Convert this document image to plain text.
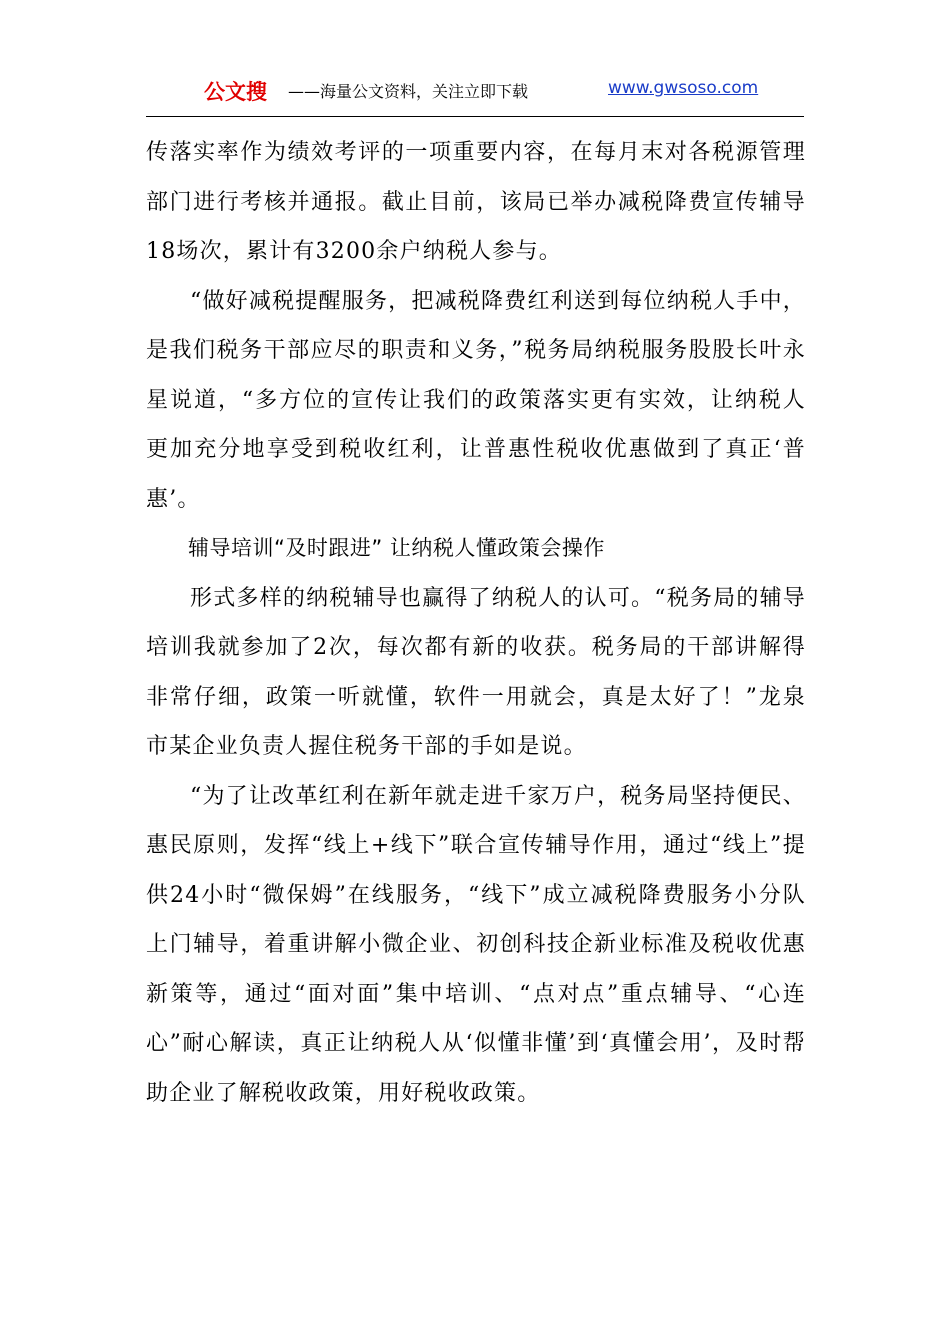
公文搜 ——海量公文资料，关注立即下载	www.gwsoso.com

传落实率作为绩效考评的一项重要内容，在每月末对各税源管理部门进行考核并通报。截止目前，该局已举办减税降费宣传辅导18场次，累计有3200余户纳税人参与。

“做好减税提醒服务，把减税降费红利送到每位纳税人手中，是我们税务干部应尽的职责和义务，”税务局纳税服务股股长叶永星说道，“多方位的宣传让我们的政策落实更有实效，让纳税人更加充分地享受到税收红利，让普惠性税收优惠做到了真正‘普惠’。

辅导培训“及时跟进” 让纳税人懂政策会操作

形式多样的纳税辅导也赢得了纳税人的认可。“税务局的辅导培训我就参加了2次，每次都有新的收获。税务局的干部讲解得非常仔细，政策一听就懂，软件一用就会，真是太好了！”龙泉市某企业负责人握住税务干部的手如是说。

“为了让改革红利在新年就走进千家万户，税务局坚持便民、惠民原则，发挥“线上+线下”联合宣传辅导作用，通过“线上”提供24小时“微保姆”在线服务，“线下”成立减税降费服务小分队上门辅导，着重讲解小微企业、初创科技企新业标准及税收优惠新策等，通过“面对面”集中培训、“点对点”重点辅导、“心连心”耐心解读，真正让纳税人从‘似懂非懂’到‘真懂会用’，及时帮助企业了解税收政策，用好税收政策。
